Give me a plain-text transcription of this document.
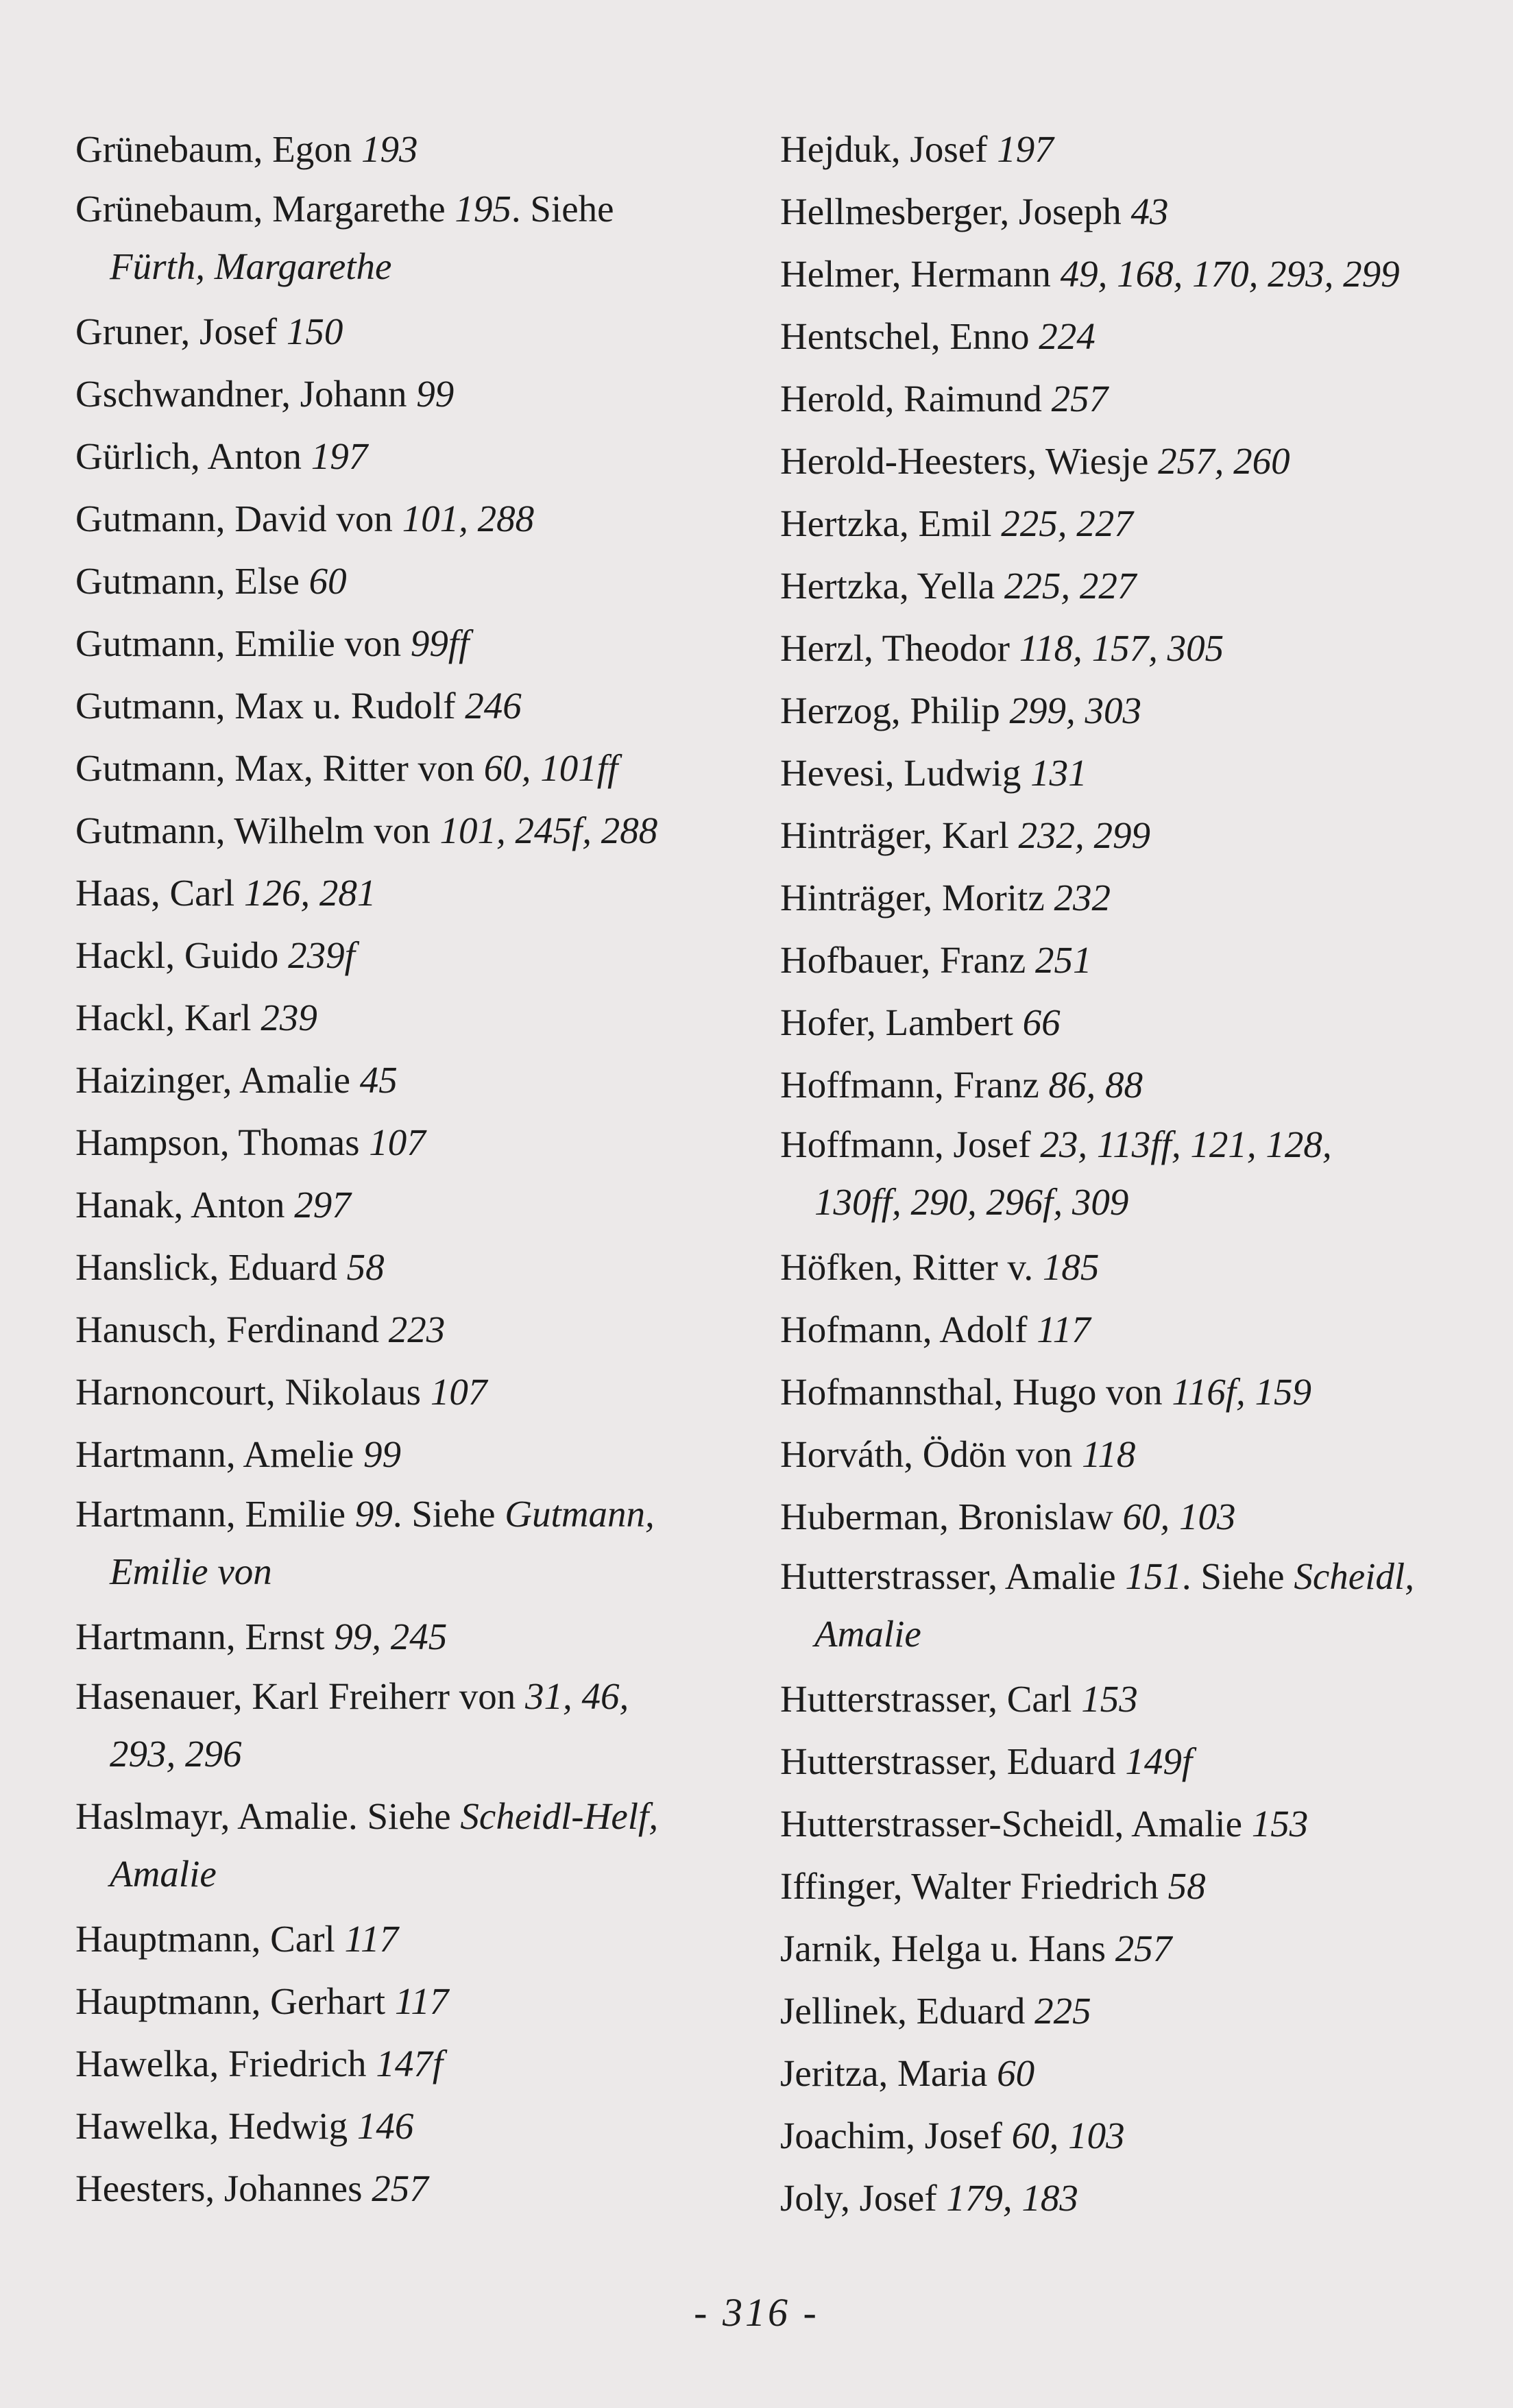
Grünebaum, Egon 193
Grünebaum, Margarethe 195. Siehe
Fürth, Margarethe
Gruner, Josef 150
Gschwandner, Johann 99
Gürlich, Anton 197
Gutmann, David von 101, 288
Gutmann, Else 60
Gutmann, Emilie von 99ff
Gutmann, Max u. Rudolf 246
Gutmann, Max, Ritter von 60, 101ff
Gutmann, Wilhelm von 101, 245f, 288
Haas, Carl 126, 281
Hackl, Guido 239f
Hackl, Karl 239
Haizinger, Amalie 45
Hampson, Thomas 107
Hanak, Anton 297
Hanslick, Eduard 58
Hanusch, Ferdinand 223
Harnoncourt, Nikolaus 107
Hartmann, Amelie 99
Hartmann, Emilie 99. Siehe Gutmann,
Emilie von
Hartmann, Ernst 99, 245
Hasenauer, Karl Freiherr von 31, 46,
293, 296
Haslmayr, Amalie. Siehe Scheidl-Helf,
Amalie
Hauptmann, Carl 117
Hauptmann, Gerhart 117
Hawelka, Friedrich 147f
Hawelka, Hedwig 146
Heesters, Johannes 257
Hejduk, Josef 197
Hellmesberger, Joseph 43
Helmer, Hermann 49, 168, 170, 293, 299
Hentschel, Enno 224
Herold, Raimund 257
Herold-Heesters, Wiesje 257, 260
Hertzka, Emil 225, 227
Hertzka, Yella 225, 227
Herzl, Theodor 118, 157, 305
Herzog, Philip 299, 303
Hevesi, Ludwig 131
Hinträger, Karl 232, 299
Hinträger, Moritz 232
Hofbauer, Franz 251
Hofer, Lambert 66
Hoffmann, Franz 86, 88
Hoffmann, Josef 23, 113ff, 121, 128,
130ff, 290, 296f, 309
Höfken, Ritter v. 185
Hofmann, Adolf 117
Hofmannsthal, Hugo von 116f, 159
Horváth, Ödön von 118
Huberman, Bronislaw 60, 103
Hutterstrasser, Amalie 151. Siehe Scheidl,
Amalie
Hutterstrasser, Carl 153
Hutterstrasser, Eduard 149f
Hutterstrasser-Scheidl, Amalie 153
Iffinger, Walter Friedrich 58
Jarnik, Helga u. Hans 257
Jellinek, Eduard 225
Jeritza, Maria 60
Joachim, Josef 60, 103
Joly, Josef 179, 183
- 316 -
